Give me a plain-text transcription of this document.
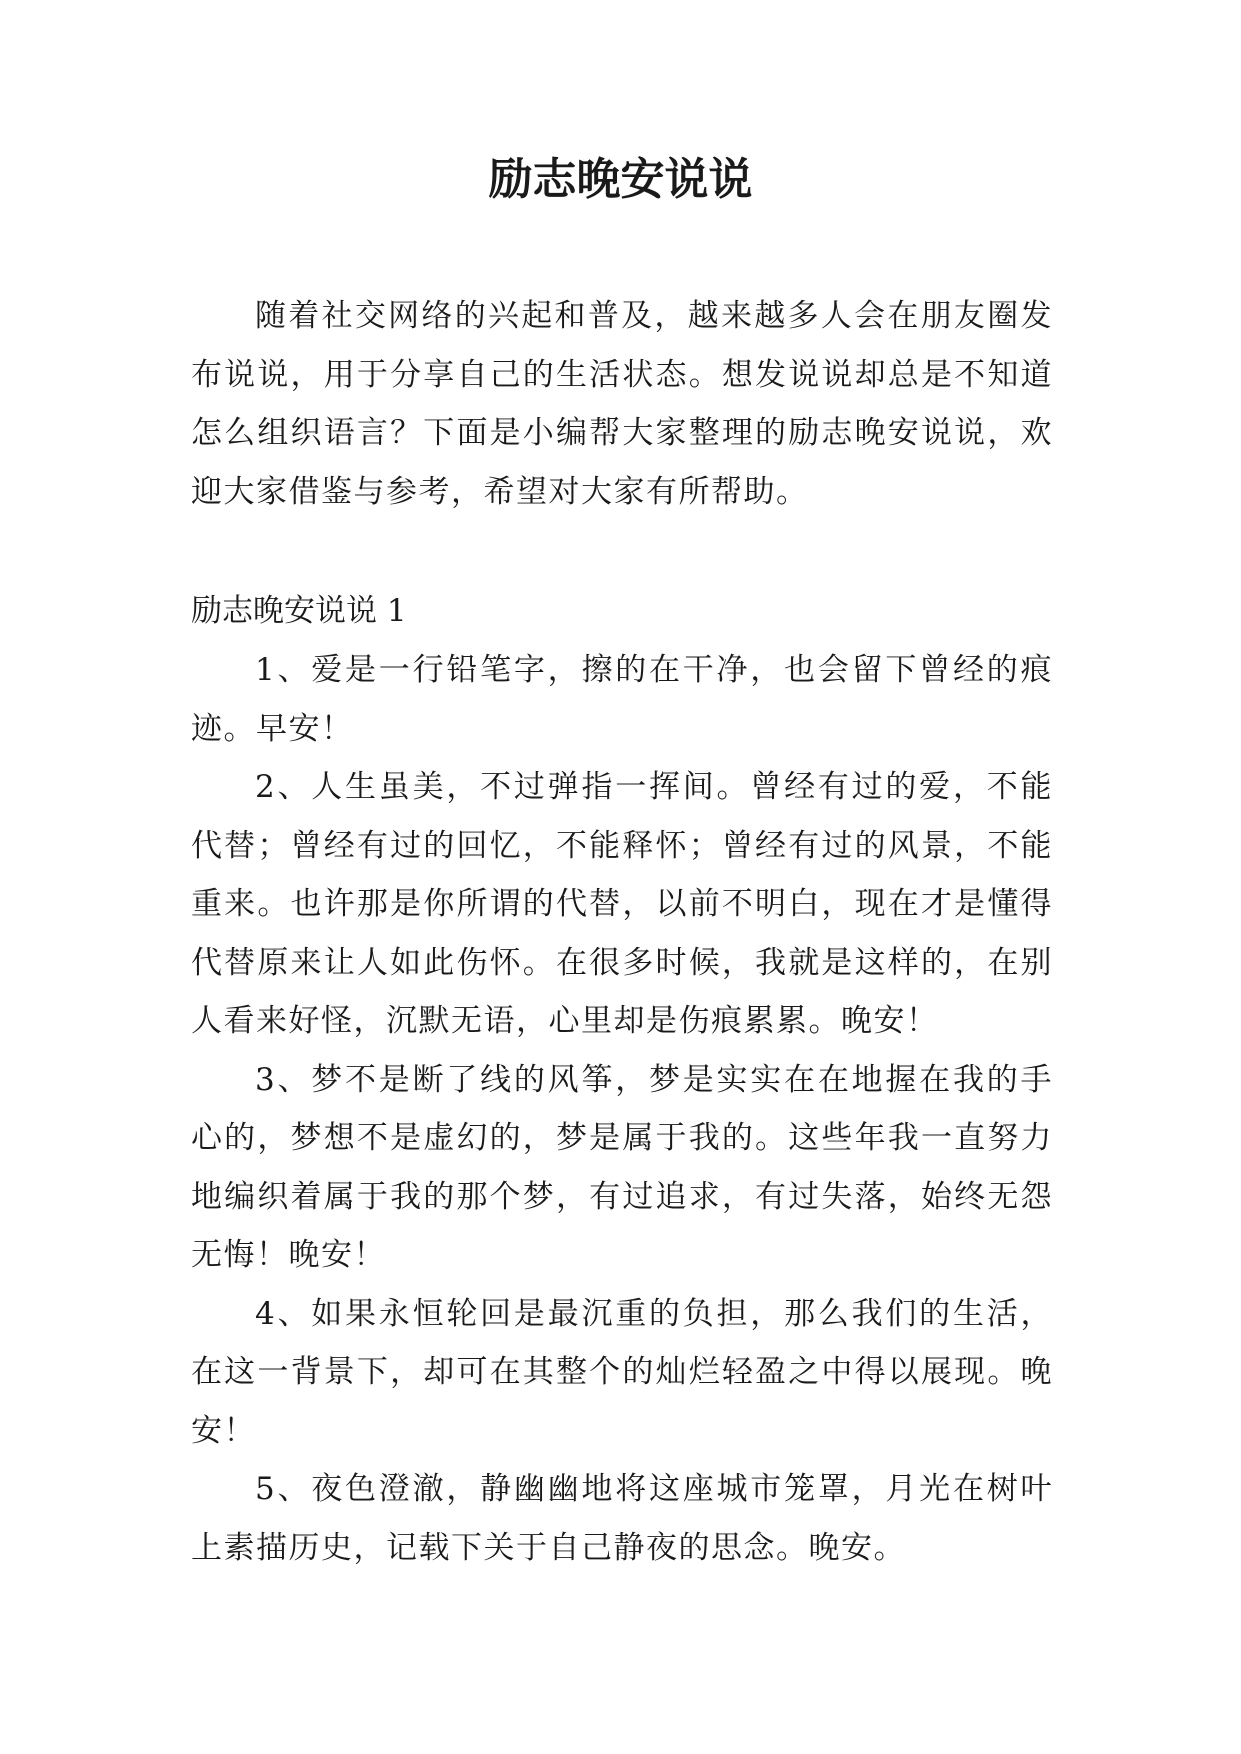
励志晚安说说

随着社交网络的兴起和普及，越来越多人会在朋友圈发布说说，用于分享自己的生活状态。想发说说却总是不知道怎么组织语言？下面是小编帮大家整理的励志晚安说说，欢迎大家借鉴与参考，希望对大家有所帮助。

励志晚安说说 1
1、爱是一行铅笔字，擦的在干净，也会留下曾经的痕迹。早安！
2、人生虽美，不过弹指一挥间。曾经有过的爱，不能代替；曾经有过的回忆，不能释怀；曾经有过的风景，不能重来。也许那是你所谓的代替，以前不明白，现在才是懂得代替原来让人如此伤怀。在很多时候，我就是这样的，在别人看来好怪，沉默无语，心里却是伤痕累累。晚安！
3、梦不是断了线的风筝，梦是实实在在地握在我的手心的，梦想不是虚幻的，梦是属于我的。这些年我一直努力地编织着属于我的那个梦，有过追求，有过失落，始终无怨无悔！晚安！
4、如果永恒轮回是最沉重的负担，那么我们的生活，在这一背景下，却可在其整个的灿烂轻盈之中得以展现。晚安！
5、夜色澄澈，静幽幽地将这座城市笼罩，月光在树叶上素描历史，记载下关于自己静夜的思念。晚安。
